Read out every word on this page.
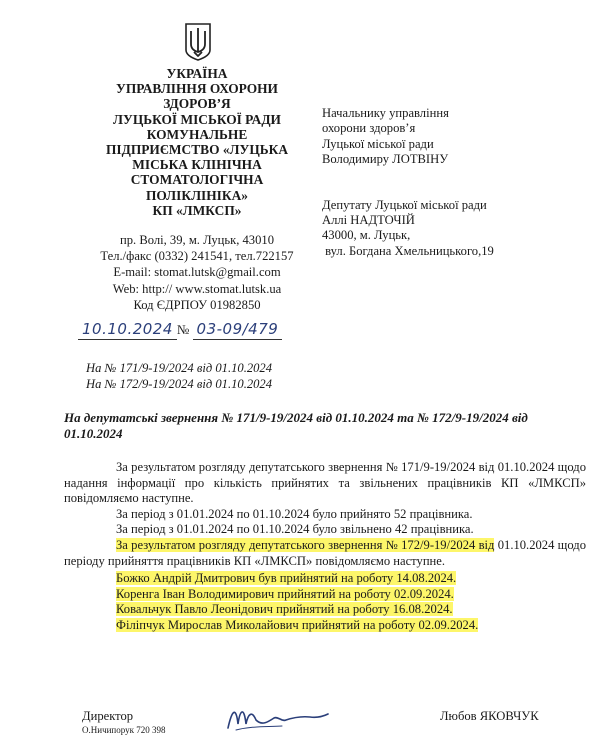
УКРАЇНА
УПРАВЛІННЯ ОХОРОНИ
ЗДОРОВ’Я
ЛУЦЬКОЇ МІСЬКОЇ РАДИ
КОМУНАЛЬНЕ
ПІДПРИЄМСТВО «ЛУЦЬКА
МІСЬКА КЛІНІЧНА
СТОМАТОЛОГІЧНА
ПОЛІКЛІНІКА»
КП «ЛМКСП»
пр. Волі, 39, м. Луцьк, 43010
Тел./факс (0332) 241541, тел.722157
E-mail: stomat.lutsk@gmail.com
Web: http:// www.stomat.lutsk.ua
Код ЄДРПОУ 01982850
Начальнику управління
охорони здоров’я
Луцької міської ради
Володимиру ЛОТВІНУ
Депутату Луцької міської ради
Аллі НАДТОЧІЙ
43000, м. Луцьк,
вул. Богдана Хмельницького,19
10.10.2024 № 03-09/479
На № 171/9-19/2024 від 01.10.2024
На № 172/9-19/2024 від 01.10.2024
На депутатські звернення № 171/9-19/2024 від 01.10.2024 та № 172/9-19/2024 від 01.10.2024

За результатом розгляду депутатського звернення № 171/9-19/2024 від 01.10.2024 щодо надання інформації про кількість прийнятих та звільнених працівників КП «ЛМКСП» повідомляємо наступне.

За період з 01.01.2024 по 01.10.2024 було прийнято 52 працівника.

За період з 01.01.2024 по 01.10.2024 було звільнено 42 працівника.

За результатом розгляду депутатського звернення № 172/9-19/2024 від 01.10.2024 щодо періоду прийняття працівників КП «ЛМКСП» повідомляємо наступне.

Божко Андрій Дмитрович був прийнятий на роботу 14.08.2024.
Коренга Іван Володимирович прийнятий на роботу 02.09.2024.
Ковальчук Павло Леонідович прийнятий на роботу 16.08.2024.
Філіпчук Мирослав Миколайович прийнятий на роботу 02.09.2024.

Директор
О.Ничипорук 720 398
Любов ЯКОВЧУК
